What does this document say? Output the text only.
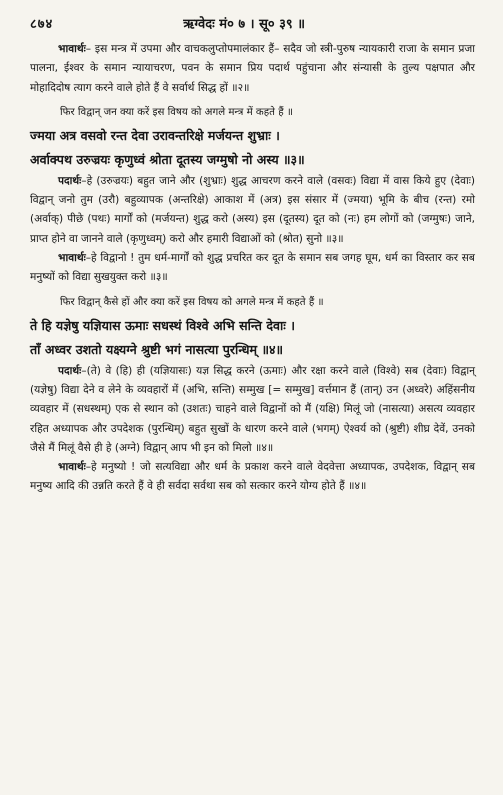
८७४	ऋग्वेदः मं० ७ । सू० ३९ ॥

भावार्थः– इस मन्त्र में उपमा और वाचकलुप्तोपमालंकार हैं– सदैव जो स्त्री-पुरुष न्यायकारी राजा के समान प्रजा पालना, ईश्वर के समान न्यायाचरण, पवन के समान प्रिय पदार्थ पहुंचाना और संन्यासी के तुल्य पक्षपात और मोहादिदोष त्याग करने वाले होते हैं वे सर्वार्थ सिद्ध हों ॥२॥

फिर विद्वान् जन क्या करें इस विषय को अगले मन्त्र में कहते हैं ॥

ज्मया अत्र वसवो रन्त देवा उरावन्तरिक्षे मर्जयन्त शुभ्राः ।

अर्वाक्पथ उरुज्रयः कृणुध्वं श्रोता दूतस्य जग्मुषो नो अस्य ॥३॥

पदार्थः–हे (उरुज्रयः) बहुत जाने और (शुभ्राः) शुद्ध आचरण करने वाले (वसवः) विद्या में वास किये हुए (देवाः) विद्वान् जनो तुम (उरौ) बहुव्यापक (अन्तरिक्षे) आकाश में (अत्र) इस संसार में (ज्मया) भूमि के बीच (रन्त) रमो (अर्वाक्) पीछे (पथः) मार्गों को (मर्जयन्त) शुद्ध करो (अस्य) इस (दूतस्य) दूत को (नः) हम लोगों को (जग्मुषः) जाने, प्राप्त होने वा जानने वाले (कृणुध्वम्) करो और हमारी विद्याओं को (श्रोत) सुनो ॥३॥

भावार्थः–हे विद्वानो ! तुम धर्म-मार्गों को शुद्ध प्रचरित कर दूत के समान सब जगह घूम, धर्म का विस्तार कर सब मनुष्यों को विद्या सुखयुक्त करो ॥३॥

फिर विद्वान् कैसे हों और क्या करें इस विषय को अगले मन्त्र में कहते हैं ॥

ते हि यज्ञेषु यज्ञियास ऊमाः सधस्थं विश्वे अभि सन्ति देवाः ।

ताँ अध्वर उशतो यक्ष्यग्ने श्रुष्टी भगं नासत्या पुरन्धिम् ॥४॥

पदार्थः–(ते) वे (हि) ही (यज्ञियासः) यज्ञ सिद्ध करने (ऊमाः) और रक्षा करने वाले (विश्वे) सब (देवाः) विद्वान् (यज्ञेषु) विद्या देने व लेने के व्यवहारों में (अभि, सन्ति) सम्मुख [= सम्मुख] वर्त्तमान हैं (तान्) उन (अध्वरे) अहिंसनीय व्यवहार में (सधस्थम्) एक से स्थान को (उशतः) चाहने वाले विद्वानों को मैं (यक्षि) मिलूं जो (नासत्या) असत्य व्यवहार रहित अध्यापक और उपदेशक (पुरन्धिम्) बहुत सुखों के धारण करने वाले (भगम्) ऐश्वर्य को (श्रुष्टी) शीघ्र देवें, उनको जैसे मैं मिलूं वैसे ही हे (अग्ने) विद्वान् आप भी इन को मिलो ॥४॥

भावार्थः–हे मनुष्यो ! जो सत्यविद्या और धर्म के प्रकाश करने वाले वेदवेत्ता अध्यापक, उपदेशक, विद्वान् सब मनुष्य आदि की उन्नति करते हैं वे ही सर्वदा सर्वथा सब को सत्कार करने योग्य होते हैं ॥४॥
